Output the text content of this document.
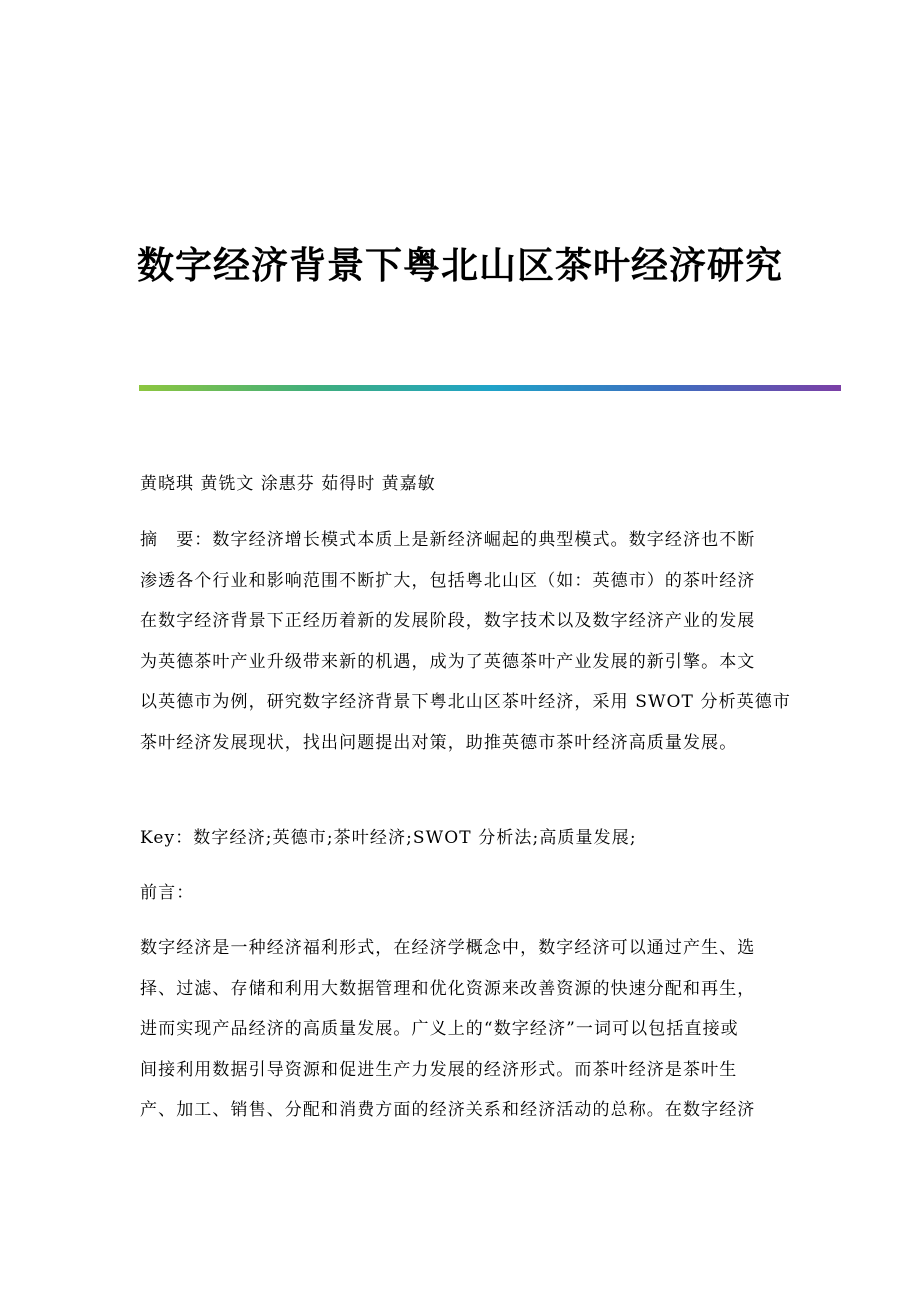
数字经济背景下粤北山区茶叶经济研究
黄晓琪 黄铣文 涂惠芬 茹得时 黄嘉敏
摘　要：数字经济增长模式本质上是新经济崛起的典型模式。数字经济也不断
渗透各个行业和影响范围不断扩大，包括粤北山区（如：英德市）的茶叶经济
在数字经济背景下正经历着新的发展阶段，数字技术以及数字经济产业的发展
为英德茶叶产业升级带来新的机遇，成为了英德茶叶产业发展的新引擎。本文
以英德市为例，研究数字经济背景下粤北山区茶叶经济，采用 SWOT 分析英德市
茶叶经济发展现状，找出问题提出对策，助推英德市茶叶经济高质量发展。
Key：数字经济;英德市;茶叶经济;SWOT 分析法;高质量发展;
前言：
数字经济是一种经济福利形式，在经济学概念中，数字经济可以通过产生、选
择、过滤、存储和利用大数据管理和优化资源来改善资源的快速分配和再生，
进而实现产品经济的高质量发展。广义上的“数字经济”一词可以包括直接或
间接利用数据引导资源和促进生产力发展的经济形式。而茶叶经济是茶叶生
产、加工、销售、分配和消费方面的经济关系和经济活动的总称。在数字经济
